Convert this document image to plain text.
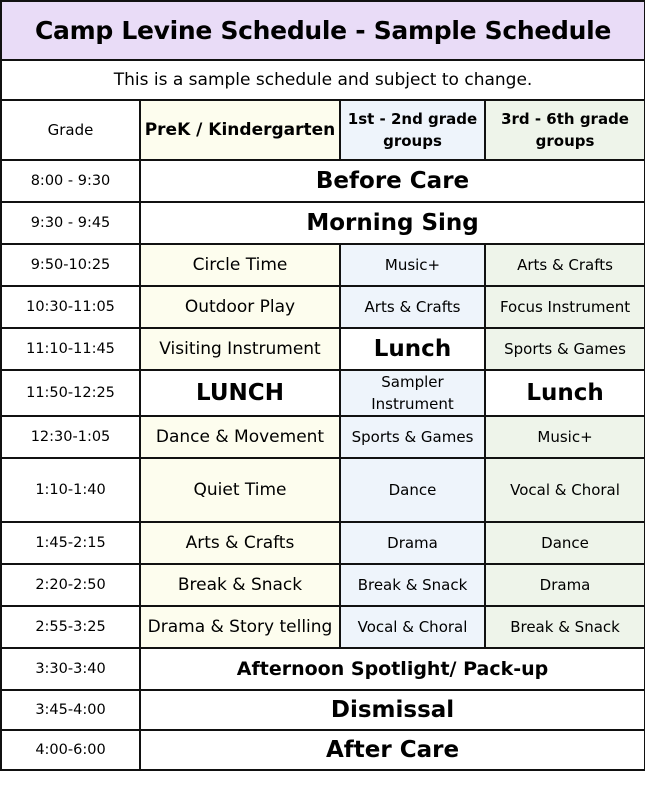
Camp Levine Schedule - Sample Schedule			
This is a sample schedule and subject to change.			
Grade	PreK / Kindergarten	1st - 2nd grade groups	3rd - 6th grade groups

8:00 - 9:30	Before Care		
9:30 - 9:45	Morning Sing		
9:50-10:25	Circle Time	Music+	Arts & Crafts
10:30-11:05	Outdoor Play	Arts & Crafts	Focus Instrument
11:10-11:45	Visiting Instrument	Lunch	Sports & Games
11:50-12:25	LUNCH	Sampler Instrument	Lunch
12:30-1:05	Dance & Movement	Sports & Games	Music+
1:10-1:40	Quiet Time	Dance	Vocal & Choral
1:45-2:15	Arts & Crafts	Drama	Dance
2:20-2:50	Break & Snack	Break & Snack	Drama
2:55-3:25	Drama & Story telling	Vocal & Choral	Break & Snack
3:30-3:40	Afternoon Spotlight/ Pack-up		
3:45-4:00	Dismissal		
4:00-6:00	After Care		
